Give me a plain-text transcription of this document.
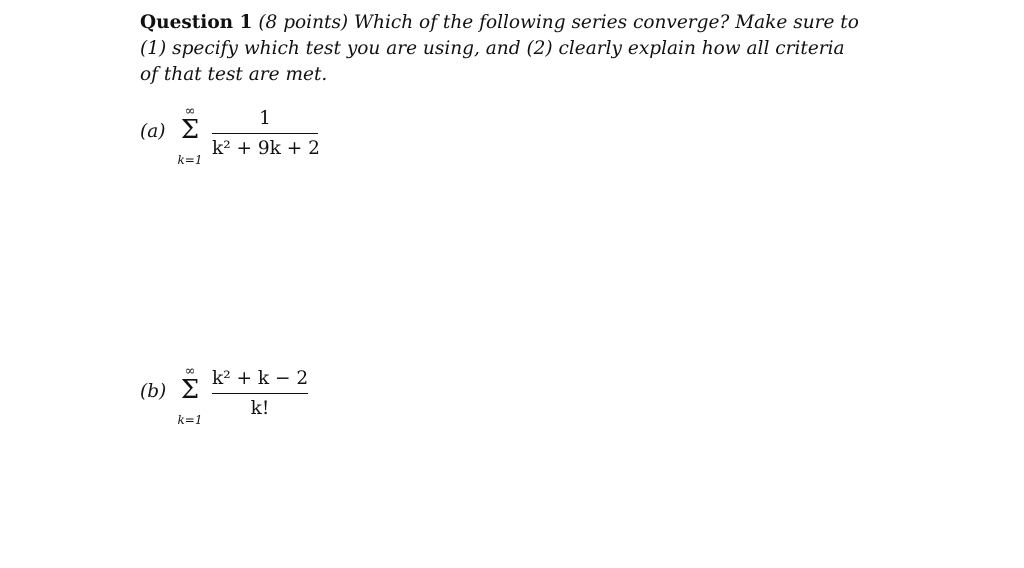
Question 1 (8 points) Which of the following series converge? Make sure to (1) specify which test you are using, and (2) clearly explain how all criteria of that test are met.
(a)
∞
Σ
k=1
1
k² + 9k + 2
(b)
∞
Σ
k=1
k² + k − 2
k!
